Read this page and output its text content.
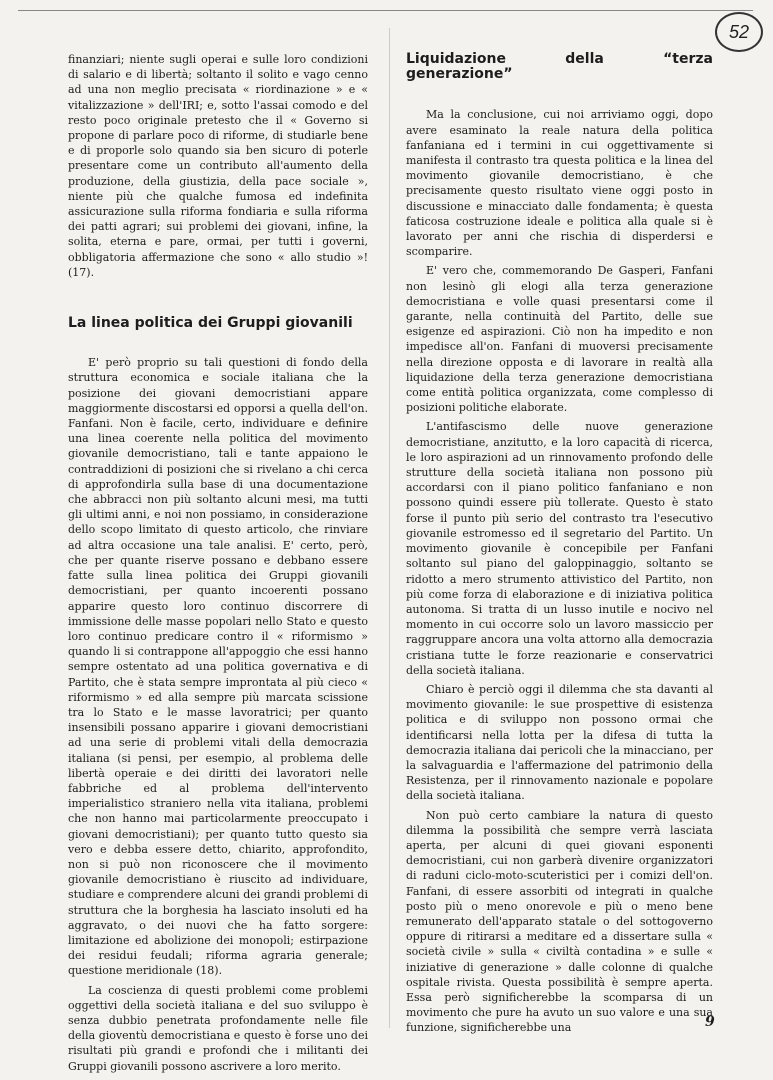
52

finanziari; niente sugli operai e sulle loro condizioni di salario e di libertà; soltanto il solito e vago cenno ad una non meglio precisata « riordinazione » e « vitalizzazione » dell'IRI; e, sotto l'assai comodo e del resto poco originale pretesto che il « Governo si propone di parlare poco di riforme, di studiarle bene e di proporle solo quando sia ben sicuro di poterle presentare come un contributo all'aumento della produzione, della giustizia, della pace sociale », niente più che qualche fumosa ed indefinita assicurazione sulla riforma fondiaria e sulla riforma dei patti agrari; sui problemi dei giovani, infine, la solita, eterna e pare, ormai, per tutti i governi, obbligatoria affermazione che sono « allo studio »! (17).

La linea politica dei Gruppi giovanili

E' però proprio su tali questioni di fondo della struttura economica e sociale italiana che la posizione dei giovani democristiani appare maggiormente discostarsi ed opporsi a quella dell'on. Fanfani. Non è facile, certo, individuare e definire una linea coerente nella politica del movimento giovanile democristiano, tali e tante appaiono le contraddizioni di posizioni che si rivelano a chi cerca di approfondirla sulla base di una documentazione che abbracci non più soltanto alcuni mesi, ma tutti gli ultimi anni, e noi non possiamo, in considerazione dello scopo limitato di questo articolo, che rinviare ad altra occasione una tale analisi. E' certo, però, che per quante riserve possano e debbano essere fatte sulla linea politica dei Gruppi giovanili democristiani, per quanto incoerenti possano apparire questo loro continuo discorrere di immissione delle masse popolari nello Stato e questo loro continuo predicare contro il « riformismo » quando li si contrappone all'appoggio che essi hanno sempre ostentato ad una politica governativa e di Partito, che è stata sempre improntata al più cieco « riformismo » ed alla sempre più marcata scissione tra lo Stato e le masse lavoratrici; per quanto insensibili possano apparire i giovani democristiani ad una serie di problemi vitali della democrazia italiana (si pensi, per esempio, al problema delle libertà operaie e dei diritti dei lavoratori nelle fabbriche ed al problema dell'intervento imperialistico straniero nella vita italiana, problemi che non hanno mai particolarmente preoccupato i giovani democristiani); per quanto tutto questo sia vero e debba essere detto, chiarito, approfondito, non si può non riconoscere che il movimento giovanile democristiano è riuscito ad individuare, studiare e comprendere alcuni dei grandi problemi di struttura che la borghesia ha lasciato insoluti ed ha aggravato, o dei nuovi che ha fatto sorgere: limitazione ed abolizione dei monopoli; estirpazione dei residui feudali; riforma agraria generale; questione meridionale (18).

La coscienza di questi problemi come problemi oggettivi della società italiana e del suo sviluppo è senza dubbio penetrata profondamente nelle file della gioventù democristiana e questo è forse uno dei risultati più grandi e profondi che i militanti dei Gruppi giovanili possono ascrivere a loro merito.

Liquidazione della “terza generazione”

Ma la conclusione, cui noi arriviamo oggi, dopo avere esaminato la reale natura della politica fanfaniana ed i termini in cui oggettivamente si manifesta il contrasto tra questa politica e la linea del movimento giovanile democristiano, è che precisamente questo risultato viene oggi posto in discussione e minacciato dalle fondamenta; è questa faticosa costruzione ideale e politica alla quale si è lavorato per anni che rischia di disperdersi e scomparire.

E' vero che, commemorando De Gasperi, Fanfani non lesinò gli elogi alla terza generazione democristiana e volle quasi presentarsi come il garante, nella continuità del Partito, delle sue esigenze ed aspirazioni. Ciò non ha impedito e non impedisce all'on. Fanfani di muoversi precisamente nella direzione opposta e di lavorare in realtà alla liquidazione della terza generazione democristiana come entità politica organizzata, come complesso di posizioni politiche elaborate.

L'antifascismo delle nuove generazione democristiane, anzitutto, e la loro capacità di ricerca, le loro aspirazioni ad un rinnovamento profondo delle strutture della società italiana non possono più accordarsi con il piano politico fanfaniano e non possono quindi essere più tollerate. Questo è stato forse il punto più serio del contrasto tra l'esecutivo giovanile estromesso ed il segretario del Partito. Un movimento giovanile è concepibile per Fanfani soltanto sul piano del galoppinaggio, soltanto se ridotto a mero strumento attivistico del Partito, non più come forza di elaborazione e di iniziativa politica autonoma. Si tratta di un lusso inutile e nocivo nel momento in cui occorre solo un lavoro massiccio per raggruppare ancora una volta attorno alla democrazia cristiana tutte le forze reazionarie e conservatrici della società italiana.

Chiaro è perciò oggi il dilemma che sta davanti al movimento giovanile: le sue prospettive di esistenza politica e di sviluppo non possono ormai che identificarsi nella lotta per la difesa di tutta la democrazia italiana dai pericoli che la minacciano, per la salvaguardia e l'affermazione del patrimonio della Resistenza, per il rinnovamento nazionale e popolare della società italiana.

Non può certo cambiare la natura di questo dilemma la possibilità che sempre verrà lasciata aperta, per alcuni di quei giovani esponenti democristiani, cui non garberà divenire organizzatori di raduni ciclo-moto-scuteristici per i comizi dell'on. Fanfani, di essere assorbiti od integrati in qualche posto più o meno onorevole e più o meno bene remunerato dell'apparato statale o del sottogoverno oppure di ritirarsi a meditare ed a dissertare sulla « società civile » sulla « civiltà contadina » e sulle « iniziative di generazione » dalle colonne di qualche ospitale rivista. Questa possibilità è sempre aperta. Essa però significherebbe la scomparsa di un movimento che pure ha avuto un suo valore e una sua funzione, significherebbe una	9
